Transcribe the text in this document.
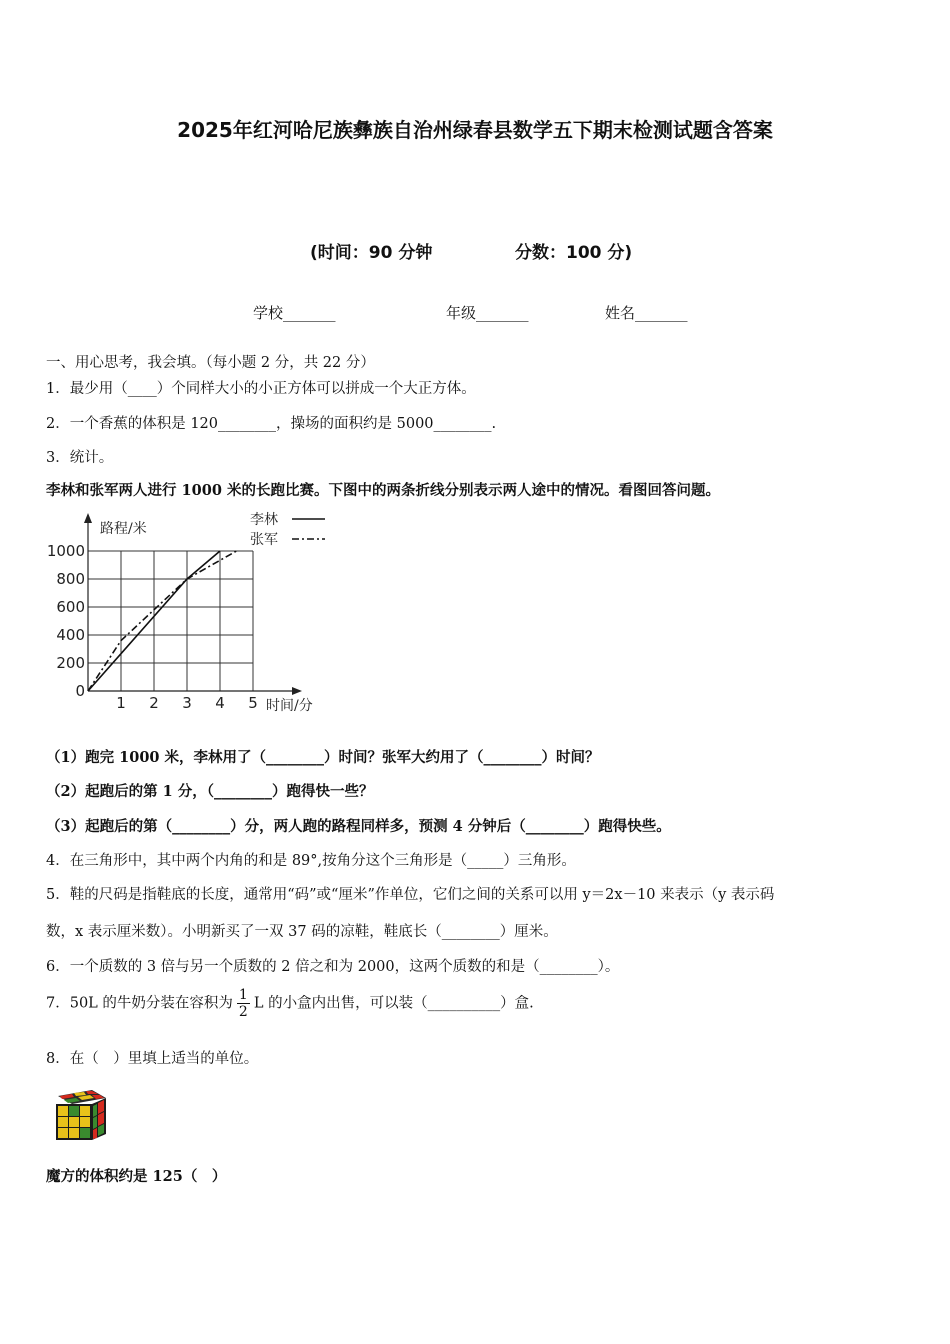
2025年红河哈尼族彝族自治州绿春县数学五下期末检测试题含答案
(时间：90 分钟	分数：100 分)
学校_______	年级_______	姓名_______
一、用心思考，我会填。（每小题 2 分，共 22 分）
1．最少用（____）个同样大小的小正方体可以拼成一个大正方体。
2．一个香蕉的体积是 120________，操场的面积约是 5000________.
3．统计。
李林和张军两人进行 1000 米的长跑比赛。下图中的两条折线分别表示两人途中的情况。看图回答问题。
1 2 3 4 5
0
200
400
600
800
1000
路程/米
时间/分
李林
张军
（1）跑完 1000 米，李林用了（________）时间？张军大约用了（________）时间？
（2）起跑后的第 1 分，（________）跑得快一些？
（3）起跑后的第（________）分，两人跑的路程同样多，预测 4 分钟后（________）跑得快些。
4．在三角形中，其中两个内角的和是 89°,按角分这个三角形是（_____）三角形。
5．鞋的尺码是指鞋底的长度，通常用“码”或“厘米”作单位，它们之间的关系可以用 y＝2x－10 来表示（y 表示码
数，x 表示厘米数）。小明新买了一双 37 码的凉鞋，鞋底长（________）厘米。
6．一个质数的 3 倍与另一个质数的 2 倍之和为 2000，这两个质数的和是（________）。
7．50L 的牛奶分装在容积为 $\frac{1}{2}$ L 的小盒内出售，可以装（__________）盒.
8．在（　）里填上适当的单位。
魔方的体积约是 125（　）
